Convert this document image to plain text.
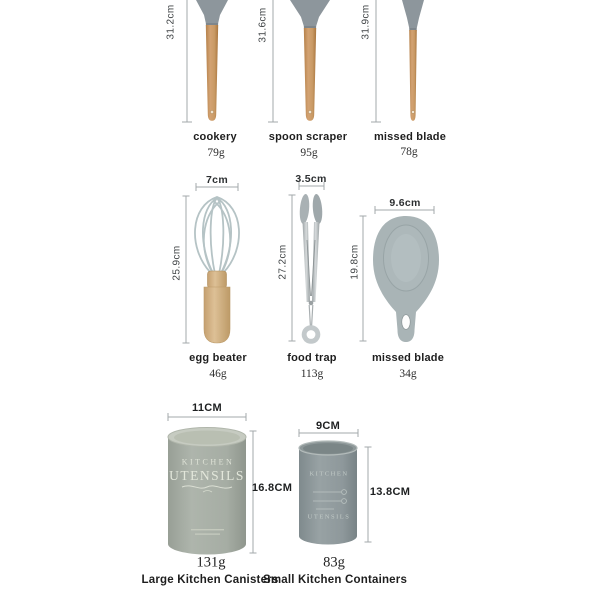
31.2cm	31.6cm	31.9cm
cookery	spoon scraper missed blade
79g	95g	78g
7cm	3.5cm
9.6cm
25.9cm	27.2cm	19.8cm
egg beater	food trap	missed blade
46g	113g	34g
11CM
9CM
16.8CM	13.8CM
KITCHEN
UTENSILS	KITCHEN
UTENSILS
131g	83g
Large Kitchen Canisters
Small Kitchen Containers
